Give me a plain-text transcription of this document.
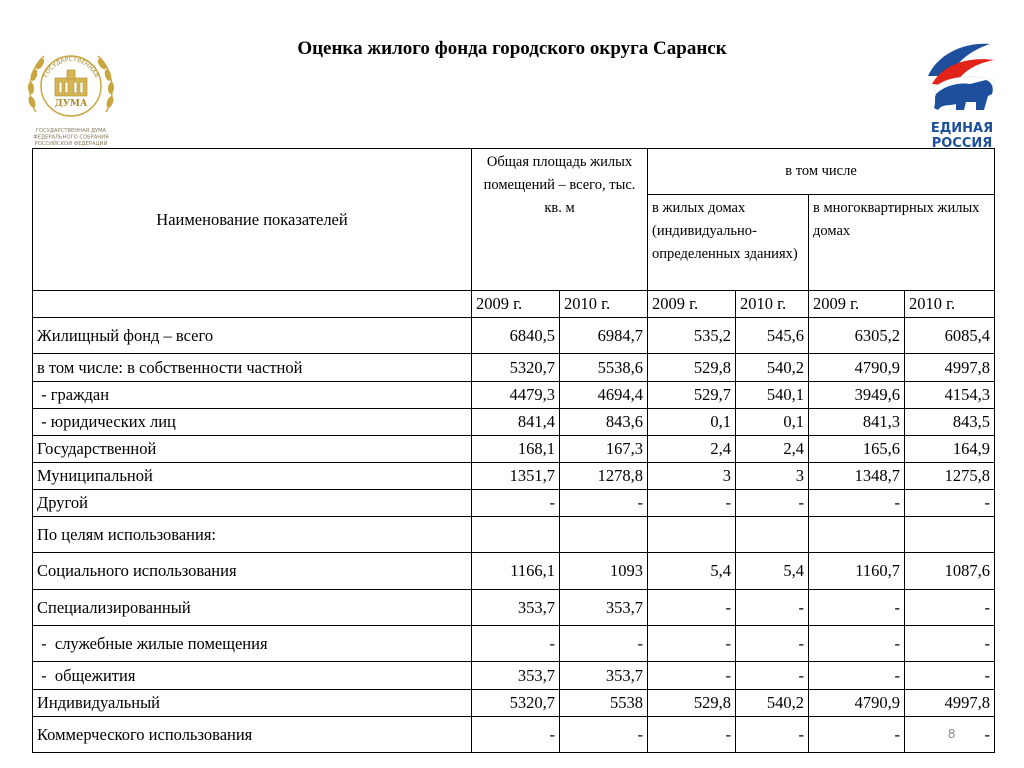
Оценка жилого фонда городского округа Саранск
ГОСУДАРСТВЕННАЯ
ДУМА
ГОСУДАРСТВЕННАЯ ДУМА
ФЕДЕРАЛЬНОГО СОБРАНИЯ
РОССИЙСКОЙ ФЕДЕРАЦИИ
ЕДИНАЯ
РОССИЯ
Наименование показателей	Общая площадь жилых помещений – всего, тыс. кв. м		в том числе			
			в жилых домах (индивидуально-определенных зданиях)		в многоквартирных жилых домах	
	2009 г.	2010 г.	2009 г.	2010 г.	2009 г.	2010 г.
Жилищный фонд – всего	6840,5	6984,7	535,2	545,6	6305,2	6085,4
в том числе: в собственности частной	5320,7	5538,6	529,8	540,2	4790,9	4997,8
- граждан	4479,3	4694,4	529,7	540,1	3949,6	4154,3
- юридических лиц	841,4	843,6	0,1	0,1	841,3	843,5
Государственной	168,1	167,3	2,4	2,4	165,6	164,9
Муниципальной	1351,7	1278,8	3	3	1348,7	1275,8
Другой	-	-	-	-	-	-
По целям использования:						
Социального использования	1166,1	1093	5,4	5,4	1160,7	1087,6
Специализированный	353,7	353,7	-	-	-	-
-  служебные жилые помещения	-	-	-	-	-	-
-  общежития	353,7	353,7	-	-	-	-
Индивидуальный	5320,7	5538	529,8	540,2	4790,9	4997,8
Коммерческого использования	-	-	-	-	-	-
8
